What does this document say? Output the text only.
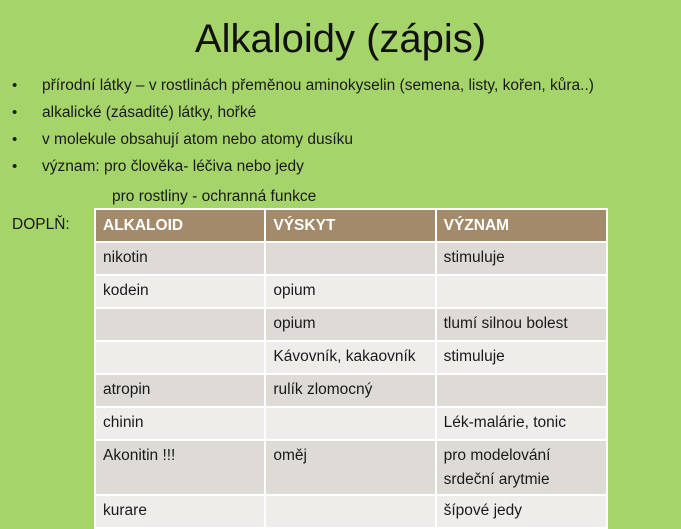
Alkaloidy (zápis)
• přírodní látky – v rostlinách přeměnou aminokyselin (semena, listy, kořen, kůra..)
• alkalické (zásadité) látky, hořké
• v molekule obsahují atom nebo atomy dusíku
• význam: pro člověka- léčiva nebo jedy
pro rostliny - ochranná funkce
DOPLŇ: ALKALOID	VÝSKYT	VÝZNAM
nikotin		stimuluje
kodein	opium	
	opium	tlumí silnou bolest
	Kávovník, kakaovník	stimuluje
atropin	rulík zlomocný	
chinin		Lék-malárie, tonic
Akonitin !!!	oměj	pro modelování srdeční arytmie
kurare		šípové jedy
